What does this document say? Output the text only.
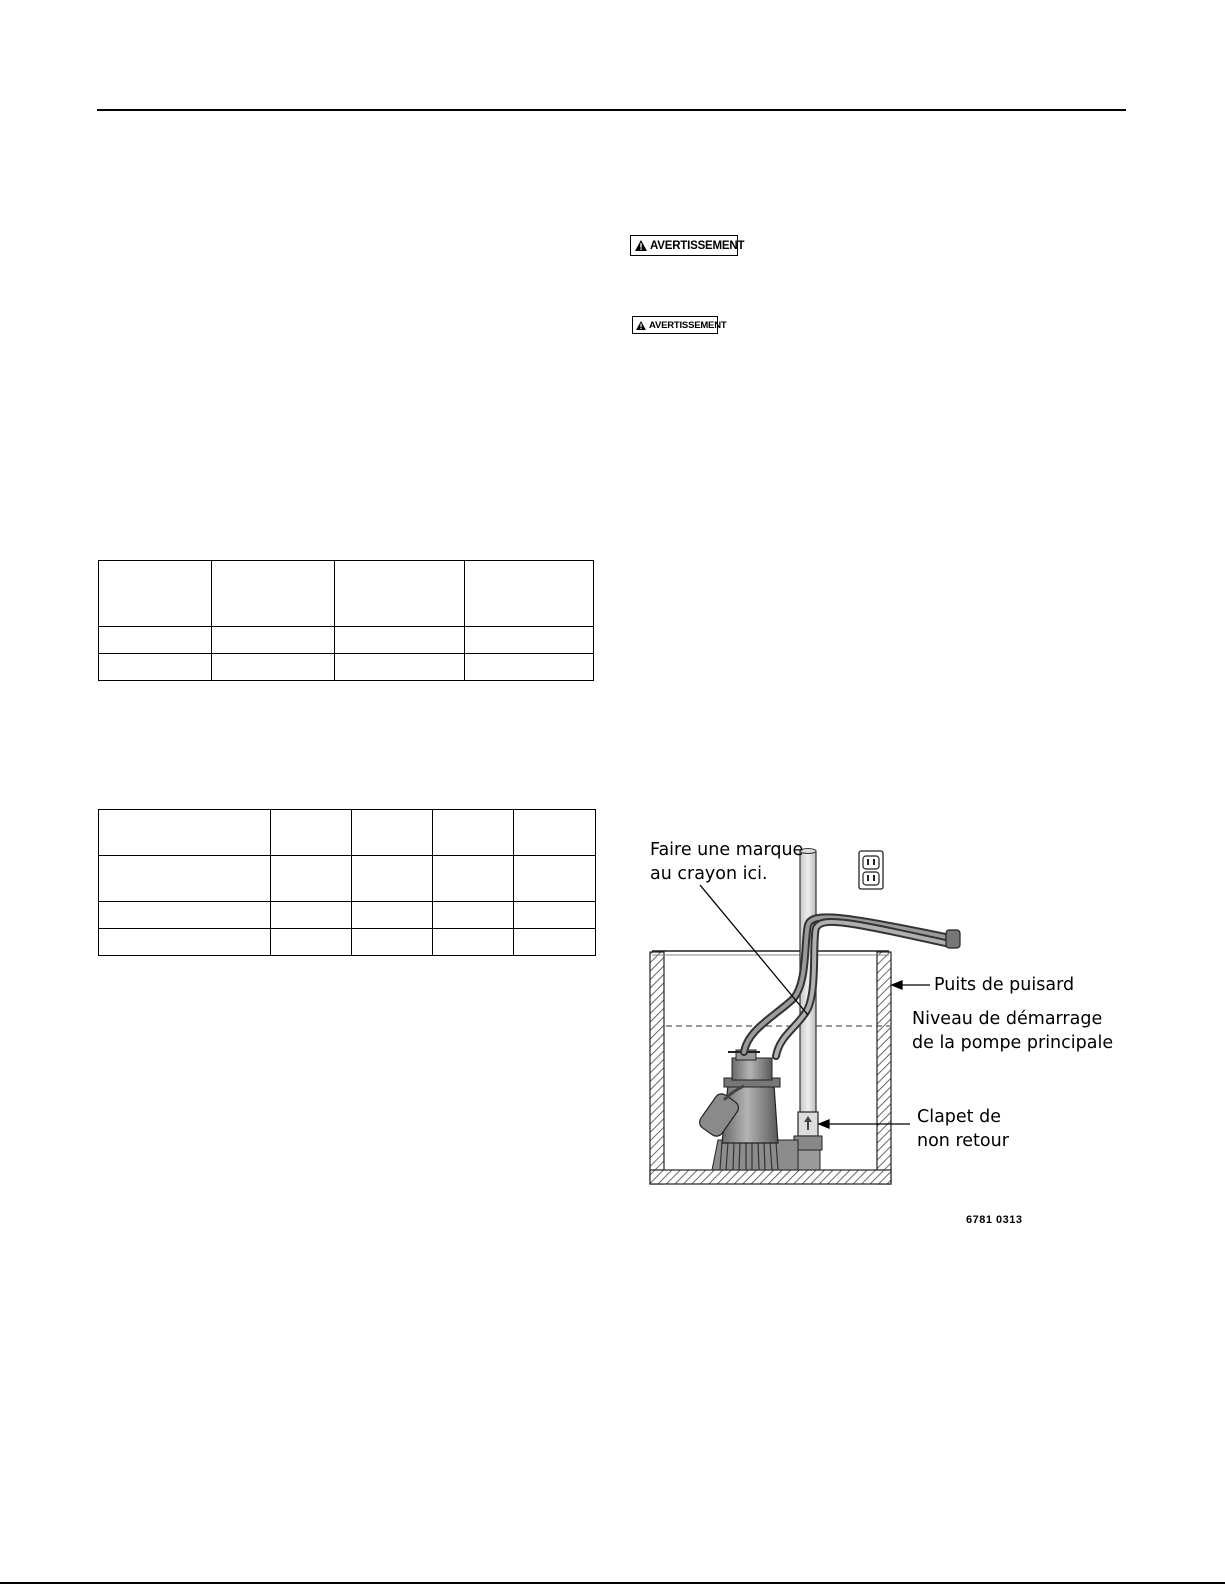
AVERTISSEMENT
AVERTISSEMENT

Faire une marque
au crayon ici.
Puits de puisard
Niveau de démarrage
de la pompe principale
Clapet de
non retour
6781 0313
